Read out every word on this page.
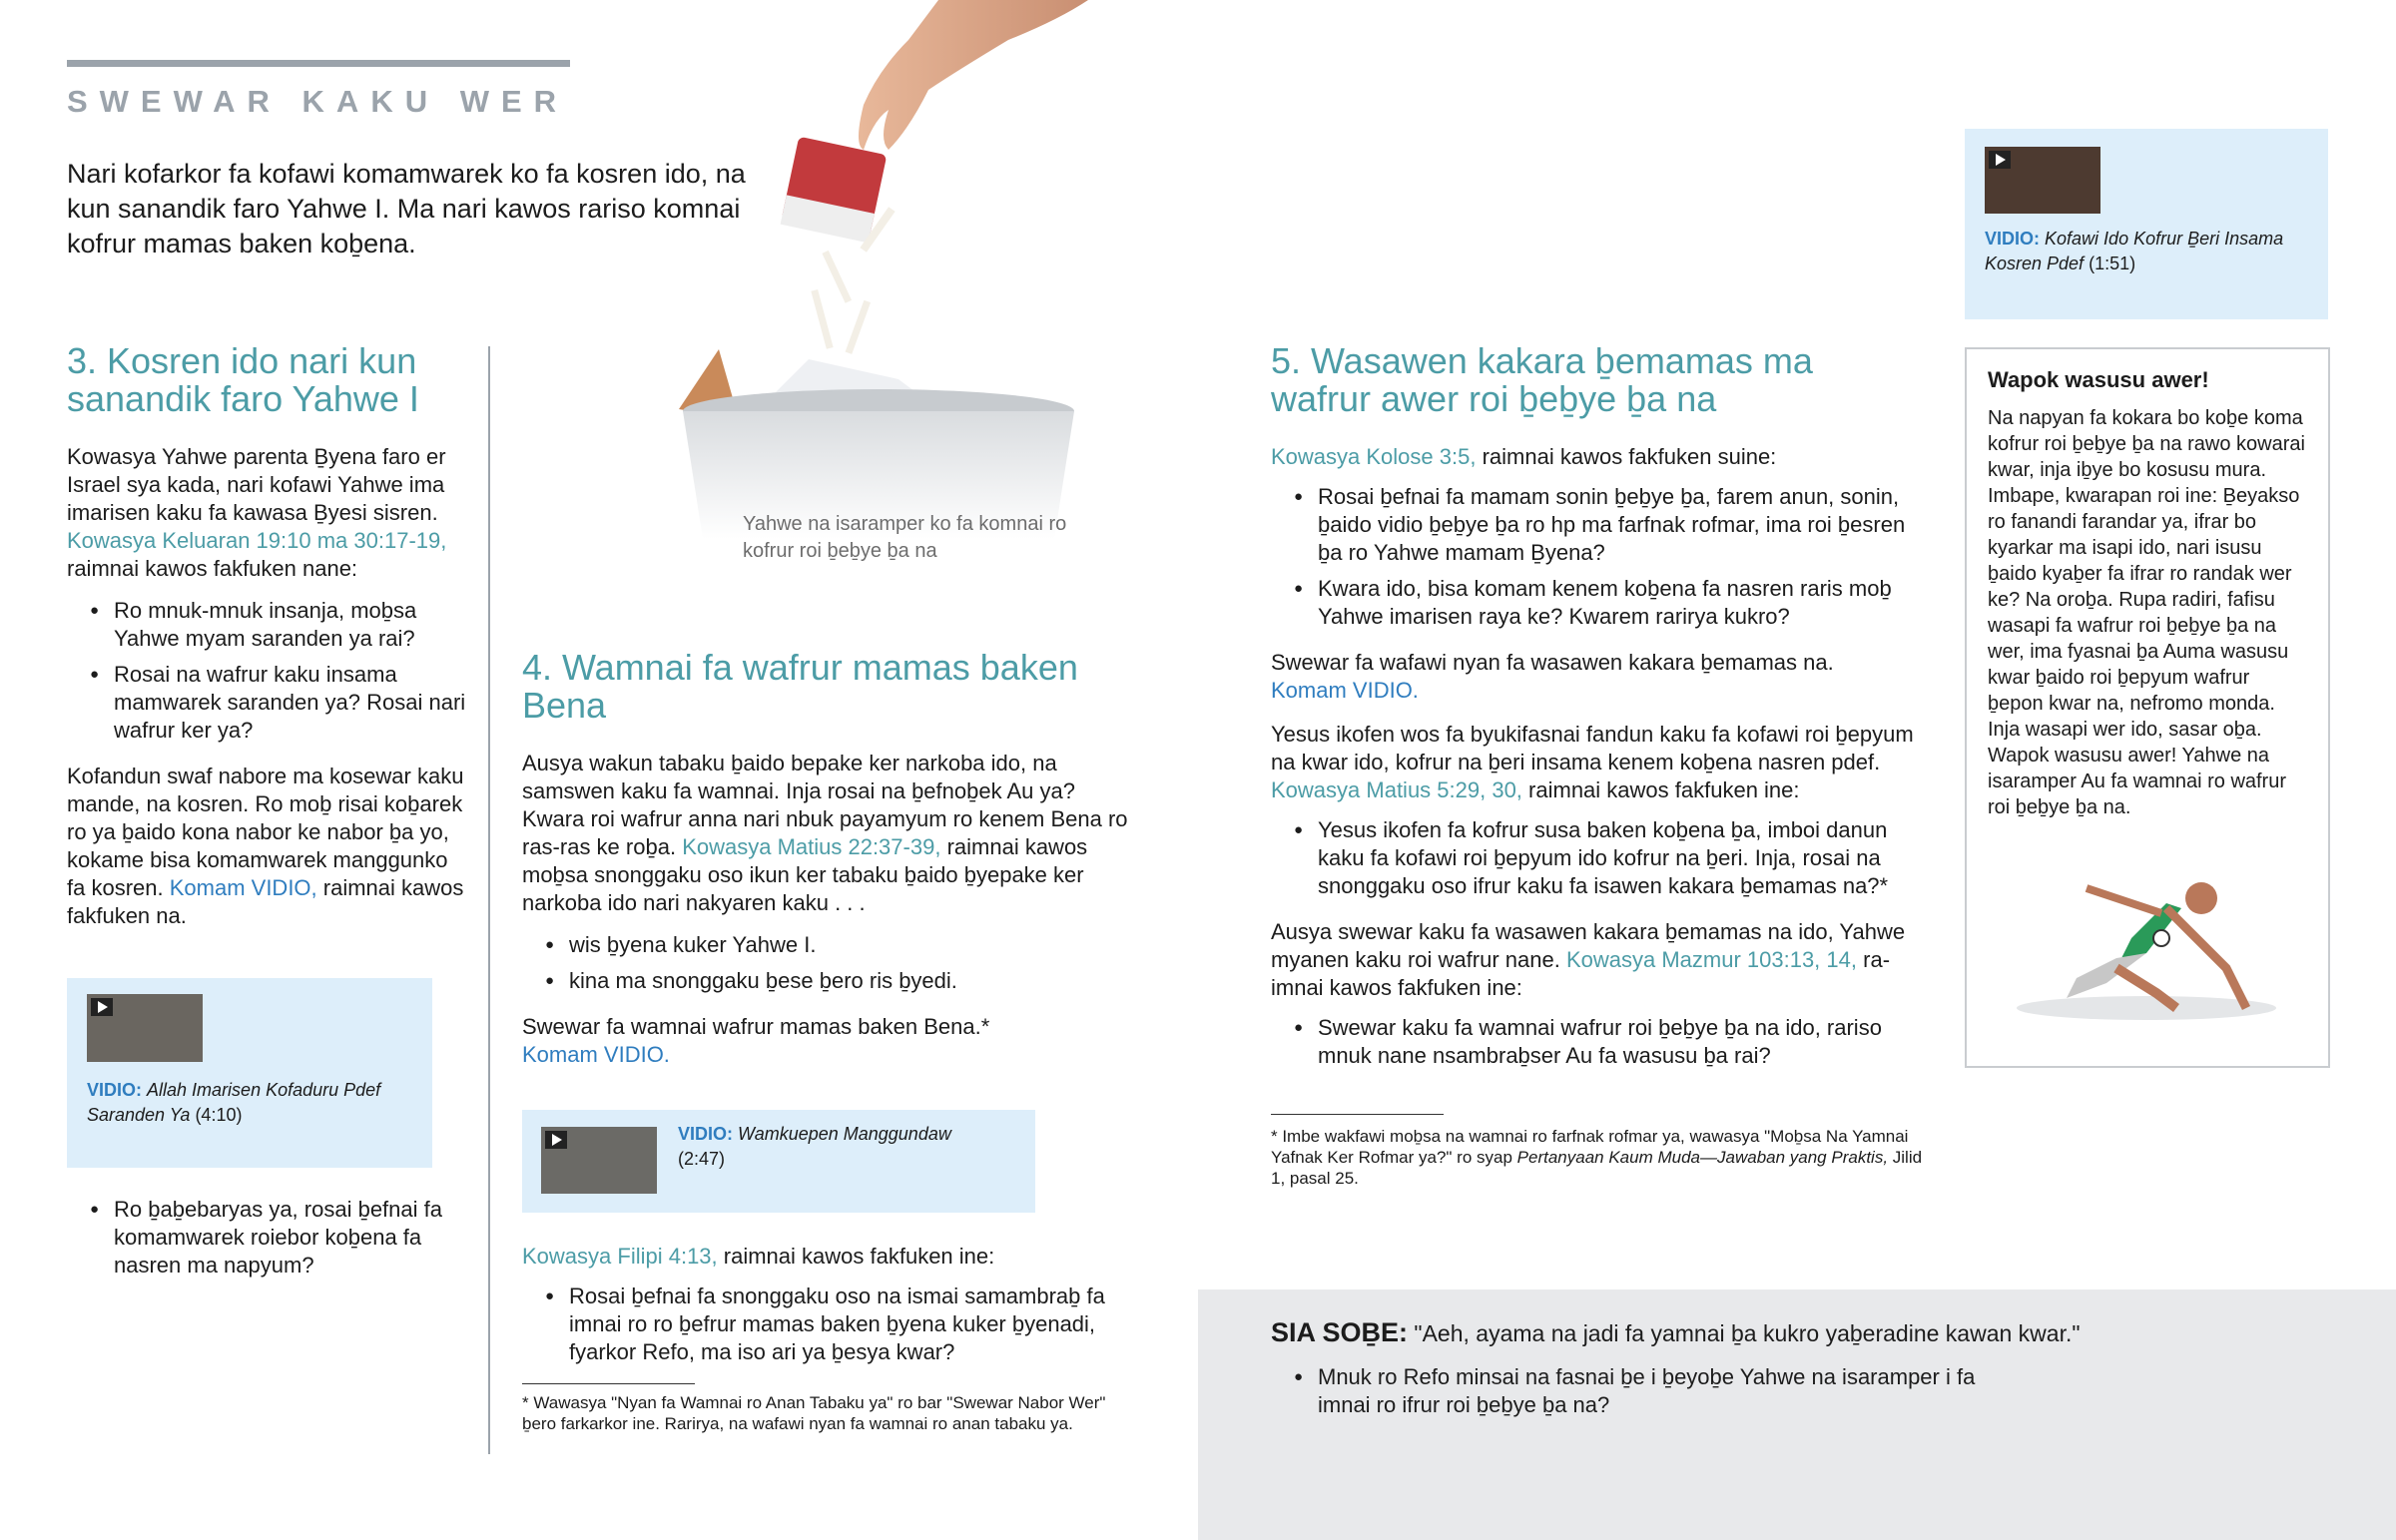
SWEWAR KAKU WER

Nari kofarkor fa kofawi komamwarek ko fa kosren ido, na kun sanandik faro Yahwe I. Ma nari kawos rariso komnai kofrur mamas baken koḇena.

Yahwe na isaramper ko fa komnai ro kofrur roi ḇeḇye ḇa na

3. Kosren ido nari kun sanandik faro Yahwe I

Kowasya Yahwe parenta Ḇyena faro er Israel sya kada, nari kofawi Yahwe ima imarisen kaku fa kawasa Ḇyesi sisren. Kowasya Keluaran 19:10 ma 30:17-19, raimnai kawos fakfuken nane:

● Ro mnuk-mnuk insanja, moḇsa Yahwe myam saranden ya rai?
● Rosai na wafrur kaku insama mamwarek saranden ya? Rosai nari wafrur ker ya?

Kofandun swaf nabore ma kosewar kaku mande, na kosren. Ro moḇ risai koḇarek ro ya ḇaido kona nabor ke nabor ḇa yo, kokame bisa komamwarek manggunko fa kosren. Komam VIDIO, raimnai kawos fakfuken na.

VIDIO: Allah Imarisen Kofaduru Pdef Saranden Ya (4:10)
● Ro ḇaḇebaryas ya, rosai ḇefnai fa komamwarek roiebor koḇena fa nasren ma napyum?
4. Wamnai fa wafrur mamas baken Bena

Ausya wakun tabaku ḇaido bepake ker narkoba ido, na samswen kaku fa wamnai. Inja rosai na ḇefnoḇek Au ya? Kwara roi wafrur anna nari nbuk payamyum ro kenem Bena ro ras-ras ke roḇa. Kowasya Matius 22:37-39, raimnai kawos moḇsa snonggaku oso ikun ker tabaku ḇaido ḇyepake ker narkoba ido nari nakyaren kaku . . .

● wis ḇyena kuker Yahwe I.
● kina ma snonggaku ḇese ḇero ris ḇyedi.

Swewar fa wamnai wafrur mamas baken Bena.*
Komam VIDIO.

VIDIO: Wamkuepen Manggundaw
(2:47)

Kowasya Filipi 4:13, raimnai kawos fakfuken ine:

● Rosai ḇefnai fa snonggaku oso na ismai samambraḇ fa imnai ro ro ḇefrur mamas baken ḇyena kuker ḇyenadi, fyarkor Refo, ma iso ari ya ḇesya kwar?

* Wawasya "Nyan fa Wamnai ro Anan Tabaku ya" ro bar "Swewar Nabor Wer" ḇero farkarkor ine. Rarirya, na wafawi nyan fa wamnai ro anan tabaku ya.

5. Wasawen kakara ḇemamas ma wafrur awer roi ḇeḇye ḇa na

Kowasya Kolose 3:5, raimnai kawos fakfuken suine:

● Rosai ḇefnai fa mamam sonin ḇeḇye ḇa, farem anun, sonin, ḇaido vidio ḇeḇye ḇa ro hp ma farfnak rofmar, ima roi ḇesren ḇa ro Yahwe mamam Ḇyena?
● Kwara ido, bisa komam kenem koḇena fa nasren raris moḇ Yahwe imarisen raya ke? Kwarem rarirya kukro?

Swewar fa wafawi nyan fa wasawen kakara ḇemamas na.
Komam VIDIO.

Yesus ikofen wos fa byukifasnai fandun kaku fa kofawi roi ḇepyum na kwar ido, kofrur na ḇeri insama kenem koḇena nasren pdef. Kowasya Matius 5:29, 30, raimnai kawos fakfuken ine:

● Yesus ikofen fa kofrur susa baken koḇena ḇa, imboi danun kaku fa kofawi roi ḇepyum ido kofrur na ḇeri. Inja, rosai na snonggaku oso ifrur kaku fa isawen kakara ḇemamas na?*

Ausya swewar kaku fa wasawen kakara ḇemamas na ido, Yahwe myanen kaku roi wafrur nane. Kowasya Mazmur 103:13, 14, raimnai kawos fakfuken ine:

● Swewar kaku fa wamnai wafrur roi ḇeḇye ḇa na ido, rariso mnuk nane nsambraḇser Au fa wasusu ḇa rai?

* Imbe wakfawi moḇsa na wamnai ro farfnak rofmar ya, wawasya "Moḇsa Na Yamnai Yafnak Ker Rofmar ya?" ro syap Pertanyaan Kaum Muda—Jawaban yang Praktis, Jilid 1, pasal 25.

VIDIO: Kofawi Ido Kofrur Ḇeri Insama Kosren Pdef (1:51)
Wapok wasusu awer!

Na napyan fa kokara bo koḇe koma kofrur roi ḇeḇye ḇa na rawo kowarai kwar, inja iḇye bo kosusu mura. Imbape, kwarapan roi ine: Ḇeyakso ro fanandi farandar ya, ifrar bo kyarkar ma isapi ido, nari isusu ḇaido kyaḇer fa ifrar ro randak wer ke? Na oroḇa. Rupa radiri, fafisu wasapi fa wafrur roi ḇeḇye ḇa na wer, ima fyasnai ḇa Auma wasusu kwar ḇaido roi ḇepyum wafrur ḇepon kwar na, nefromo monda. Inja wasapi wer ido, sasar oḇa. Wapok wasusu awer! Yahwe na isaramper Au fa wamnai ro wafrur roi ḇeḇye ḇa na.

SIA SOḆE: "Aeh, ayama na jadi fa yamnai ḇa kukro yaḇeradine kawan kwar."
● Mnuk ro Refo minsai na fasnai ḇe i ḇeyoḇe Yahwe na isaramper i fa imnai ro ifrur roi ḇeḇye ḇa na?
